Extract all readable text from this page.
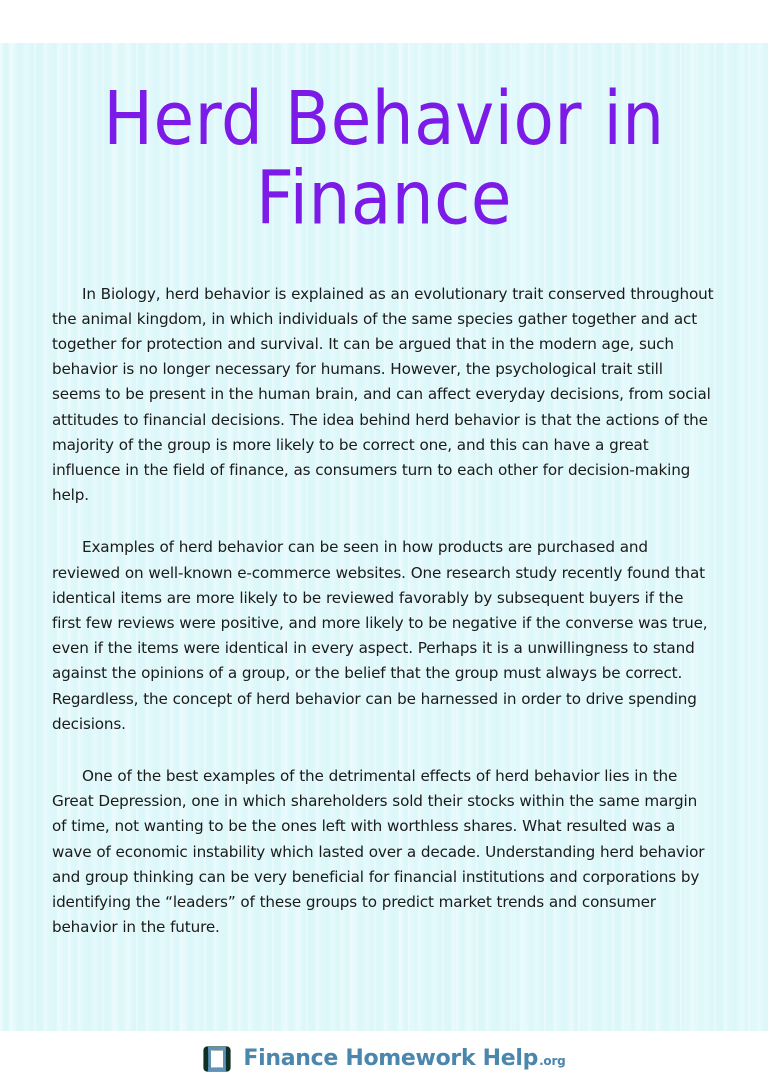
Herd Behavior in
Finance

In Biology, herd behavior is explained as an evolutionary trait conserved throughout the animal kingdom, in which individuals of the same species gather together and act together for protection and survival. It can be argued that in the modern age, such behavior is no longer necessary for humans. However, the psychological trait still seems to be present in the human brain, and can affect everyday decisions, from social attitudes to financial decisions. The idea behind herd behavior is that the actions of the majority of the group is more likely to be correct one, and this can have a great influence in the field of finance, as consumers turn to each other for decision-making help.

Examples of herd behavior can be seen in how products are purchased and reviewed on well-known e-commerce websites. One research study recently found that identical items are more likely to be reviewed favorably by subsequent buyers if the first few reviews were positive, and more likely to be negative if the converse was true, even if the items were identical in every aspect. Perhaps it is a unwillingness to stand against the opinions of a group, or the belief that the group must always be correct. Regardless, the concept of herd behavior can be harnessed in order to drive spending decisions.

One of the best examples of the detrimental effects of herd behavior lies in the Great Depression, one in which shareholders sold their stocks within the same margin of time, not wanting to be the ones left with worthless shares. What resulted was a wave of economic instability which lasted over a decade. Understanding herd behavior and group thinking can be very beneficial for financial institutions and corporations by identifying the “leaders” of these groups to predict market trends and consumer behavior in the future.

Finance Homework Help .org
